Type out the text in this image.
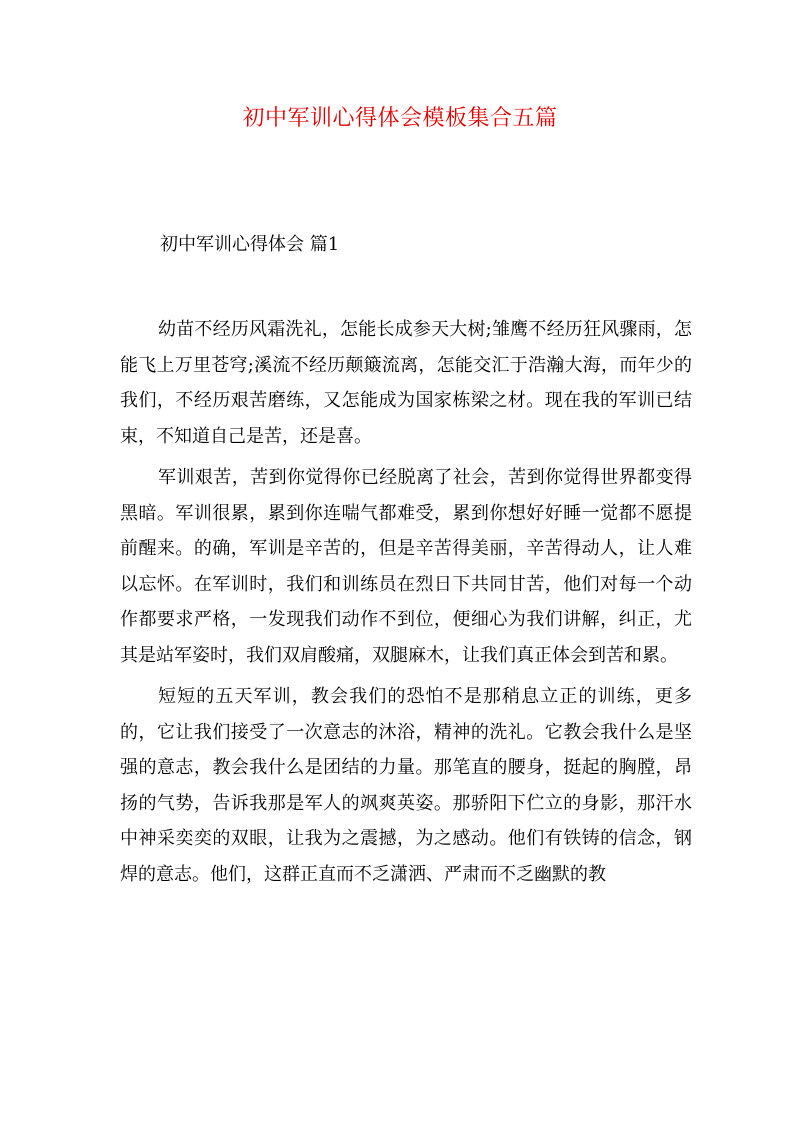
初中军训心得体会模板集合五篇
初中军训心得体会 篇1

幼苗不经历风霜洗礼，怎能长成参天大树;雏鹰不经历狂风骤雨，怎能飞上万里苍穹;溪流不经历颠簸流离，怎能交汇于浩瀚大海，而年少的我们，不经历艰苦磨练，又怎能成为国家栋梁之材。现在我的军训已结束，不知道自己是苦，还是喜。

军训艰苦，苦到你觉得你已经脱离了社会，苦到你觉得世界都变得黑暗。军训很累，累到你连喘气都难受，累到你想好好睡一觉都不愿提前醒来。的确，军训是辛苦的，但是辛苦得美丽，辛苦得动人，让人难以忘怀。在军训时，我们和训练员在烈日下共同甘苦，他们对每一个动作都要求严格，一发现我们动作不到位，便细心为我们讲解，纠正，尤其是站军姿时，我们双肩酸痛，双腿麻木，让我们真正体会到苦和累。

短短的五天军训，教会我们的恐怕不是那稍息立正的训练，更多的，它让我们接受了一次意志的沐浴，精神的洗礼。它教会我什么是坚强的意志，教会我什么是团结的力量。那笔直的腰身，挺起的胸膛，昂扬的气势，告诉我那是军人的飒爽英姿。那骄阳下伫立的身影，那汗水中神采奕奕的双眼，让我为之震撼，为之感动。他们有铁铸的信念，钢焊的意志。他们，这群正直而不乏潇洒、严肃而不乏幽默的教
